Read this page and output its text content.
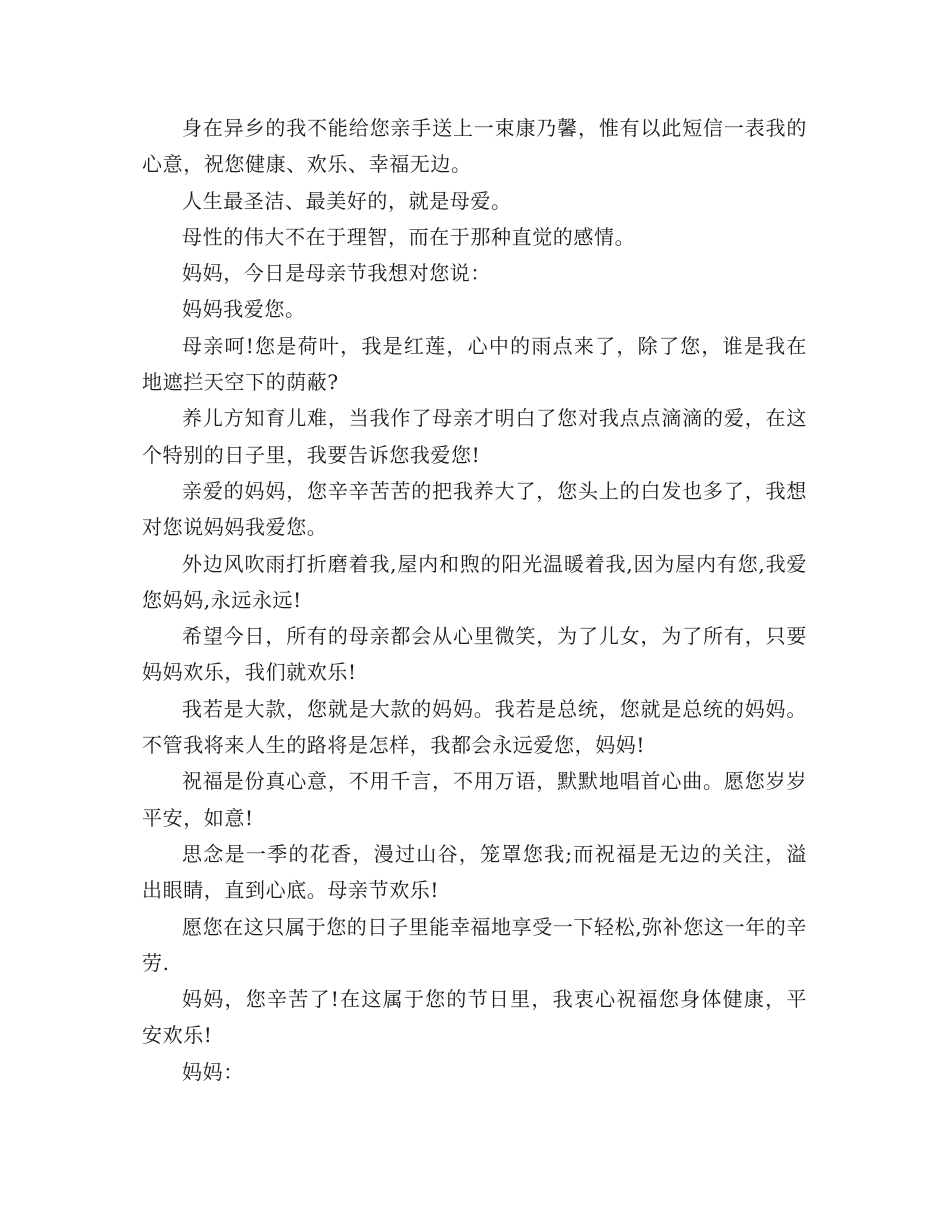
身在异乡的我不能给您亲手送上一束康乃馨，惟有以此短信一表我的心意，祝您健康、欢乐、幸福无边。

人生最圣洁、最美好的，就是母爱。

母性的伟大不在于理智，而在于那种直觉的感情。

妈妈，今日是母亲节我想对您说：

妈妈我爱您。

母亲呵!您是荷叶，我是红莲，心中的雨点来了，除了您，谁是我在地遮拦天空下的荫蔽?

养儿方知育儿难，当我作了母亲才明白了您对我点点滴滴的爱，在这个特别的日子里，我要告诉您我爱您!

亲爱的妈妈，您辛辛苦苦的把我养大了，您头上的白发也多了，我想对您说妈妈我爱您。

外边风吹雨打折磨着我,屋内和煦的阳光温暖着我,因为屋内有您,我爱您妈妈,永远永远!

希望今日，所有的母亲都会从心里微笑，为了儿女，为了所有，只要妈妈欢乐，我们就欢乐!

我若是大款，您就是大款的妈妈。我若是总统，您就是总统的妈妈。不管我将来人生的路将是怎样，我都会永远爱您，妈妈!

祝福是份真心意，不用千言，不用万语，默默地唱首心曲。愿您岁岁平安，如意!

思念是一季的花香，漫过山谷，笼罩您我;而祝福是无边的关注，溢出眼睛，直到心底。母亲节欢乐!

愿您在这只属于您的日子里能幸福地享受一下轻松,弥补您这一年的辛劳.

妈妈，您辛苦了!在这属于您的节日里，我衷心祝福您身体健康，平安欢乐!

妈妈：
